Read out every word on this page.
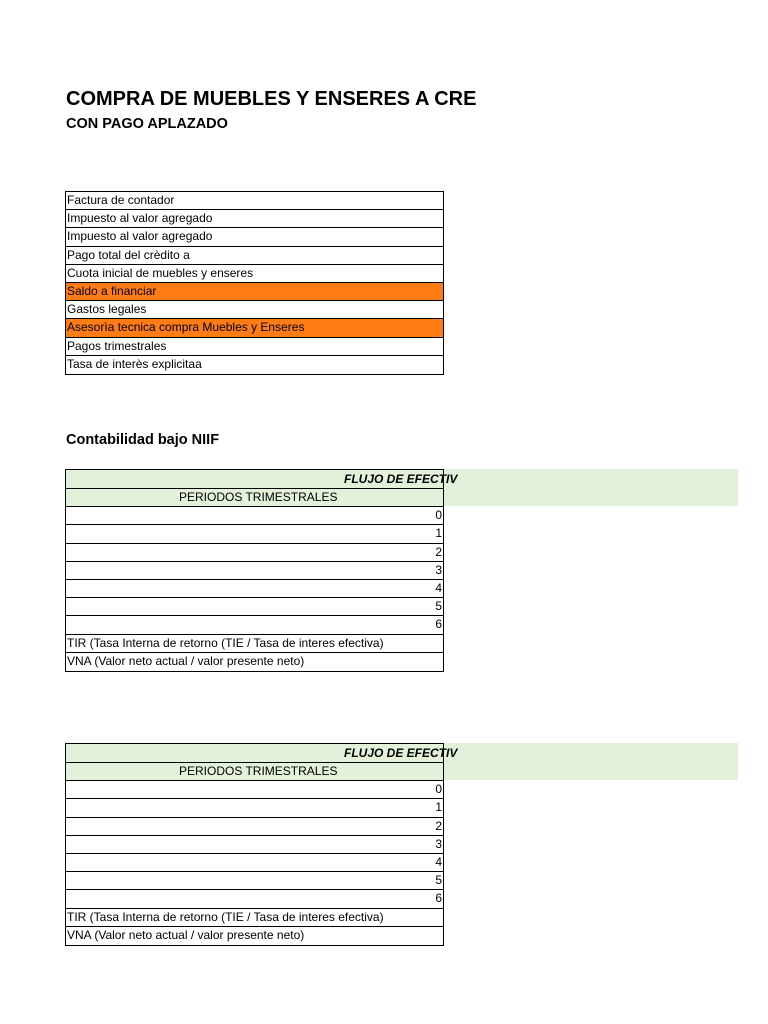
COMPRA DE MUEBLES Y ENSERES A CRE
CON PAGO APLAZADO
Factura de contador
Impuesto al valor agregado
Impuesto al valor agregado
Pago total del crèdito a
Cuota inicial de muebles y enseres
Saldo a financiar
Gastos legales
Asesorìa tecnica compra Muebles y Enseres
Pagos trimestrales
Tasa de interès explicitaa
Contabilidad bajo NIIF
FLUJO DE EFECTIV
PERIODOS TRIMESTRALES
0
1
2
3
4
5
6
TIR (Tasa Interna de retorno (TIE / Tasa de interes efectiva)
VNA (Valor neto actual / valor presente neto)
FLUJO DE EFECTIV
PERIODOS TRIMESTRALES
0
1
2
3
4
5
6
TIR (Tasa Interna de retorno (TIE / Tasa de interes efectiva)
VNA (Valor neto actual / valor presente neto)
